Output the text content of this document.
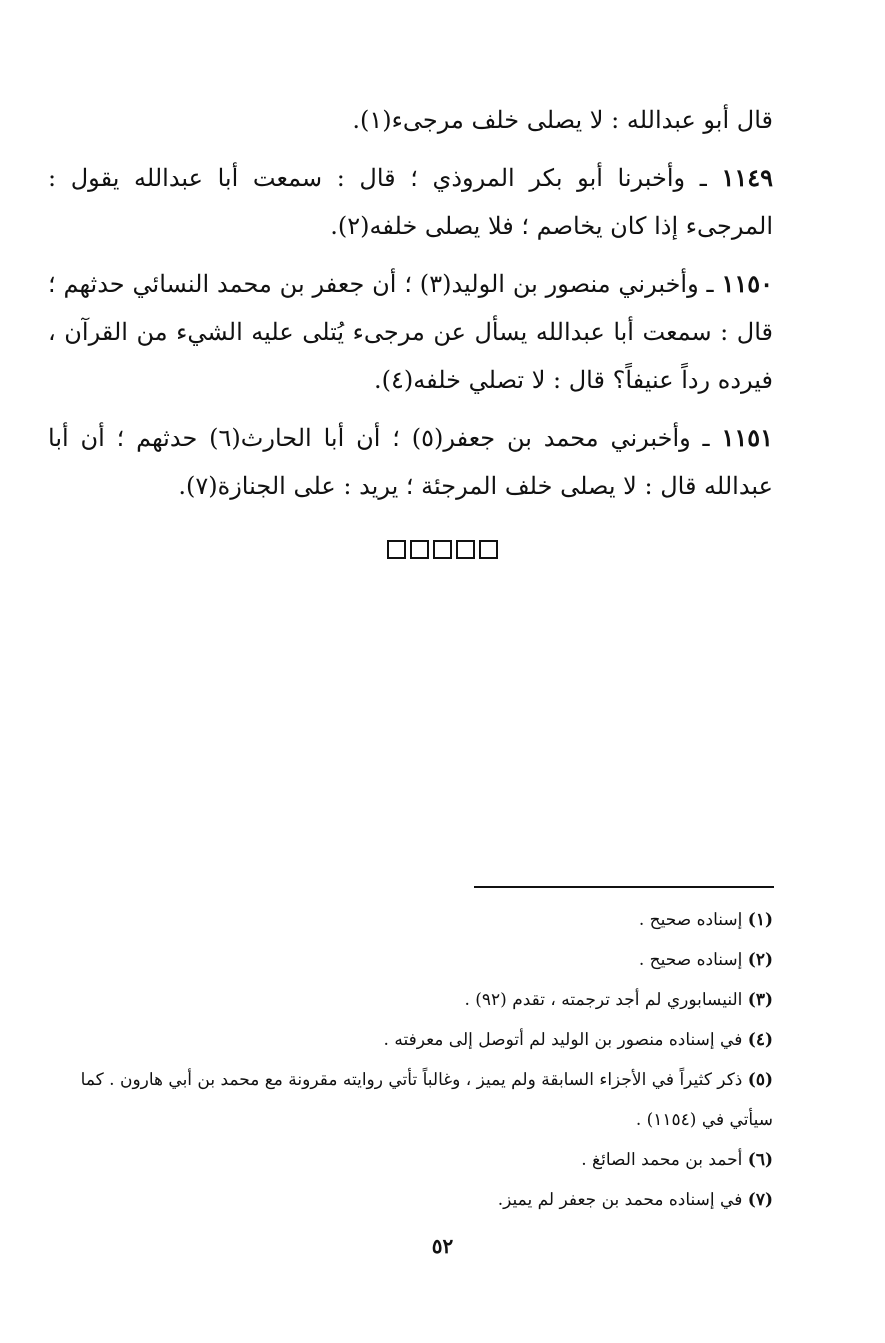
قال أبو عبدالله : لا يصلى خلف مرجىء(١).

١١٤٩ ـ وأخبرنا أبو بكر المروذي ؛ قال : سمعت أبا عبدالله يقول : المرجىء إذا كان يخاصم ؛ فلا يصلى خلفه(٢).

١١٥٠ ـ وأخبرني منصور بن الوليد(٣) ؛ أن جعفر بن محمد النسائي حدثهم ؛ قال : سمعت أبا عبدالله يسأل عن مرجىء يُتلى عليه الشيء من القرآن ، فيرده رداً عنيفاً؟ قال : لا تصلي خلفه(٤).

١١٥١ ـ وأخبرني محمد بن جعفر(٥) ؛ أن أبا الحارث(٦) حدثهم ؛ أن أبا عبدالله قال : لا يصلى خلف المرجئة ؛ يريد : على الجنازة(٧).

(١) إسناده صحيح .

(٢) إسناده صحيح .

(٣) النيسابوري لم أجد ترجمته ، تقدم (٩٢) .

(٤) في إسناده منصور بن الوليد لم أتوصل إلى معرفته .

(٥) ذكر كثيراً في الأجزاء السابقة ولم يميز ، وغالباً تأتي روايته مقرونة مع محمد بن أبي هارون . كما سيأتي في (١١٥٤) .

(٦) أحمد بن محمد الصائغ .

(٧) في إسناده محمد بن جعفر لم يميز.

٥٢
